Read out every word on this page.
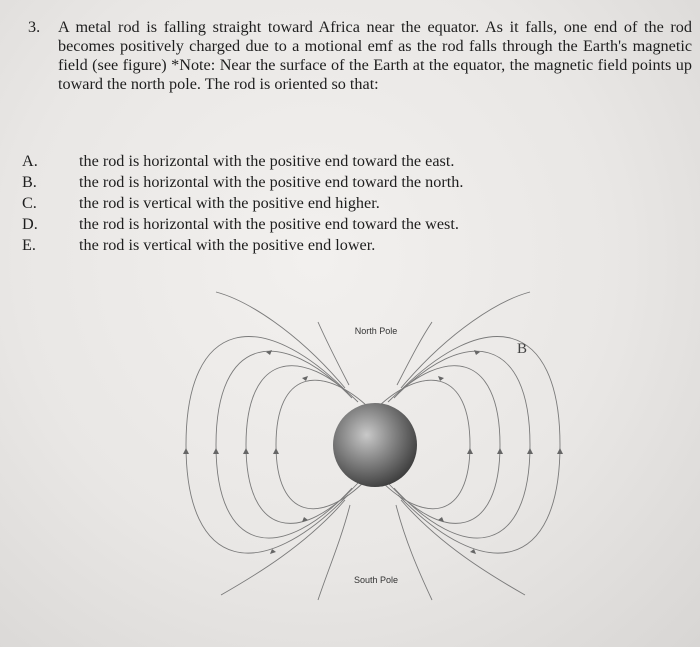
3. A metal rod is falling straight toward Africa near the equator. As it falls, one end of the rod becomes positively charged due to a motional emf as the rod falls through the Earth's magnetic field (see figure) *Note: Near the surface of the Earth at the equator, the magnetic field points up toward the north pole. The rod is oriented so that:
A.	the rod is horizontal with the positive end toward the east.
B.	the rod is horizontal with the positive end toward the north.
C.	the rod is vertical with the positive end higher.
D.	the rod is horizontal with the positive end toward the west.
E.	the rod is vertical with the positive end lower.
North Pole
South Pole
B
